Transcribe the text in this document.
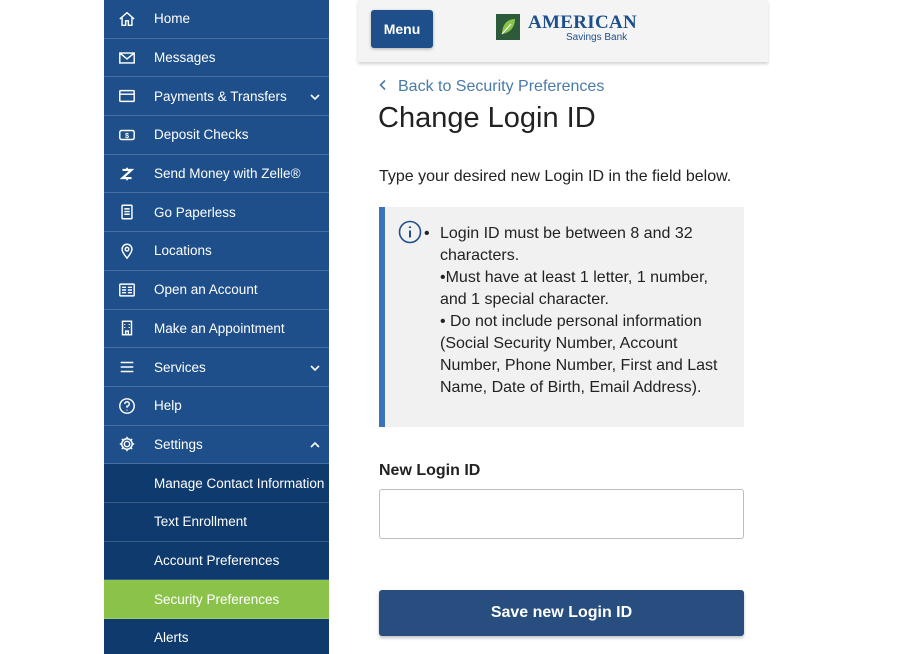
Home
Messages
Payments & Transfers
$ Deposit Checks
Send Money with Zelle®
Go Paperless
Locations
Open an Account
Make an Appointment
Services
Help
Settings
Manage Contact Information
Text Enrollment
Account Preferences
Security Preferences
Alerts
Menu	AMERICAN
Savings Bank
Back to Security Preferences
Change Login ID
Type your desired new Login ID in the field below.
• Login ID must be between 8 and 32 characters.
•Must have at least 1 letter, 1 number, and 1 special character.
• Do not include personal information (Social Security Number, Account Number, Phone Number, First and Last Name, Date of Birth, Email Address).
New Login ID
Save new Login ID
